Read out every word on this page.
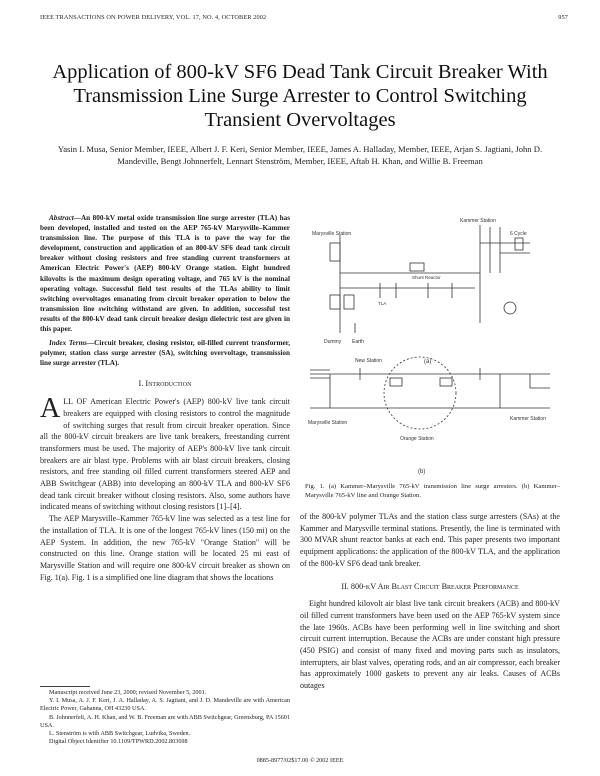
IEEE TRANSACTIONS ON POWER DELIVERY, VOL. 17, NO. 4, OCTOBER 2002	957
Application of 800-kV SF6 Dead Tank Circuit Breaker With Transmission Line Surge Arrester to Control Switching Transient Overvoltages
Yasin I. Musa, Senior Member, IEEE, Albert J. F. Keri, Senior Member, IEEE, James A. Halladay, Member, IEEE, Arjan S. Jagtiani, John D. Mandeville, Bengt Johnnerfelt, Lennart Stenström, Member, IEEE, Aftab H. Khan, and Willie B. Freeman

Abstract—An 800-kV metal oxide transmission line surge arrester (TLA) has been developed, installed and tested on the AEP 765-kV Marysville–Kammer transmission line. The purpose of this TLA is to pave the way for the development, construction and application of an 800-kV SF6 dead tank circuit breaker without closing resistors and free standing current transformers at American Electric Power's (AEP) 800-kV Orange station. Eight hundred kilovolts is the maximum design operating voltage, and 765 kV is the nominal operating voltage. Successful field test results of the TLAs ability to limit switching overvoltages emanating from circuit breaker operation to below the transmission line switching withstand are given. In addition, successful test results of the 800-kV dead tank circuit breaker design dielectric test are given in this paper.

Index Terms—Circuit breaker, closing resistor, oil-filled current transformer, polymer, station class surge arrester (SA), switching overvoltage, transmission line surge arrester (TLA).

I. Introduction

ALL OF American Electric Power's (AEP) 800-kV live tank circuit breakers are equipped with closing resistors to control the magnitude of switching surges that result from circuit breaker operation. Since all the 800-kV circuit breakers are live tank breakers, freestanding current transformers must be used. The majority of AEP's 800-kV live tank circuit breakers are air blast type. Problems with air blast circuit breakers, closing resistors, and free standing oil filled current transformers steered AEP and ABB Switchgear (ABB) into developing an 800-kV TLA and 800-kV SF6 dead tank circuit breaker without closing resistors. Also, some authors have indicated means of switching without closing resistors [1]–[4].

The AEP Marysville–Kammer 765-kV line was selected as a test line for the installation of TLA. It is one of the longest 765-kV lines (150 mi) on the AEP System. In addition, the new 765-kV "Orange Station" will be constructed on this line. Orange station will be located 25 mi east of Marysville Station and will require one 800-kV circuit breaker as shown on Fig. 1(a). Fig. 1 is a simplified one line diagram that shows the locations

Manuscript received June 23, 2000; revised November 5, 2001.

Y. I. Musa, A. J. F. Keri, J. A. Halladay, A. S. Jagtiani, and J. D. Mandeville are with American Electric Power, Gahanna, OH 43230 USA.

B. Johnnerfelt, A. H. Khan, and W. B. Freeman are with ABB Switchgear, Greensburg, PA 15601 USA.

L. Stenström is with ABB Switchgear, Ludvika, Sweden.

Digital Object Identifier 10.1109/TPWRD.2002.803698

Marysville Station
Kammer Station
6 Cycle
Shunt Reactor
TLA
Dummy Earth
(a)
New Station
Marysville Station
Kammer Station
Orange Station
(b)
Fig. 1. (a) Kammer–Marysville 765-kV transmission line surge arresters. (b) Kammer–Marysville 765-kV line and Orange Station.

of the 800-kV polymer TLAs and the station class surge arresters (SAs) at the Kammer and Marysville terminal stations. Presently, the line is terminated with 300 MVAR shunt reactor banks at each end. This paper presents two important equipment applications: the application of the 800-kV TLA, and the application of the 800-kV SF6 dead tank breaker.

II. 800-kV Air Blast Circuit Breaker Performance

Eight hundred kilovolt air blast live tank circuit breakers (ACB) and 800-kV oil filled current transformers have been used on the AEP 765-kV system since the late 1960s. ACBs have been performing well in line switching and short circuit current interruption. Because the ACBs are under constant high pressure (450 PSIG) and consist of many fixed and moving parts such as insulators, interrupters, air blast valves, operating rods, and an air compressor, each breaker has approximately 1000 gaskets to prevent any air leaks. Causes of ACBs outages

0885-8977/02$17.00 © 2002 IEEE
